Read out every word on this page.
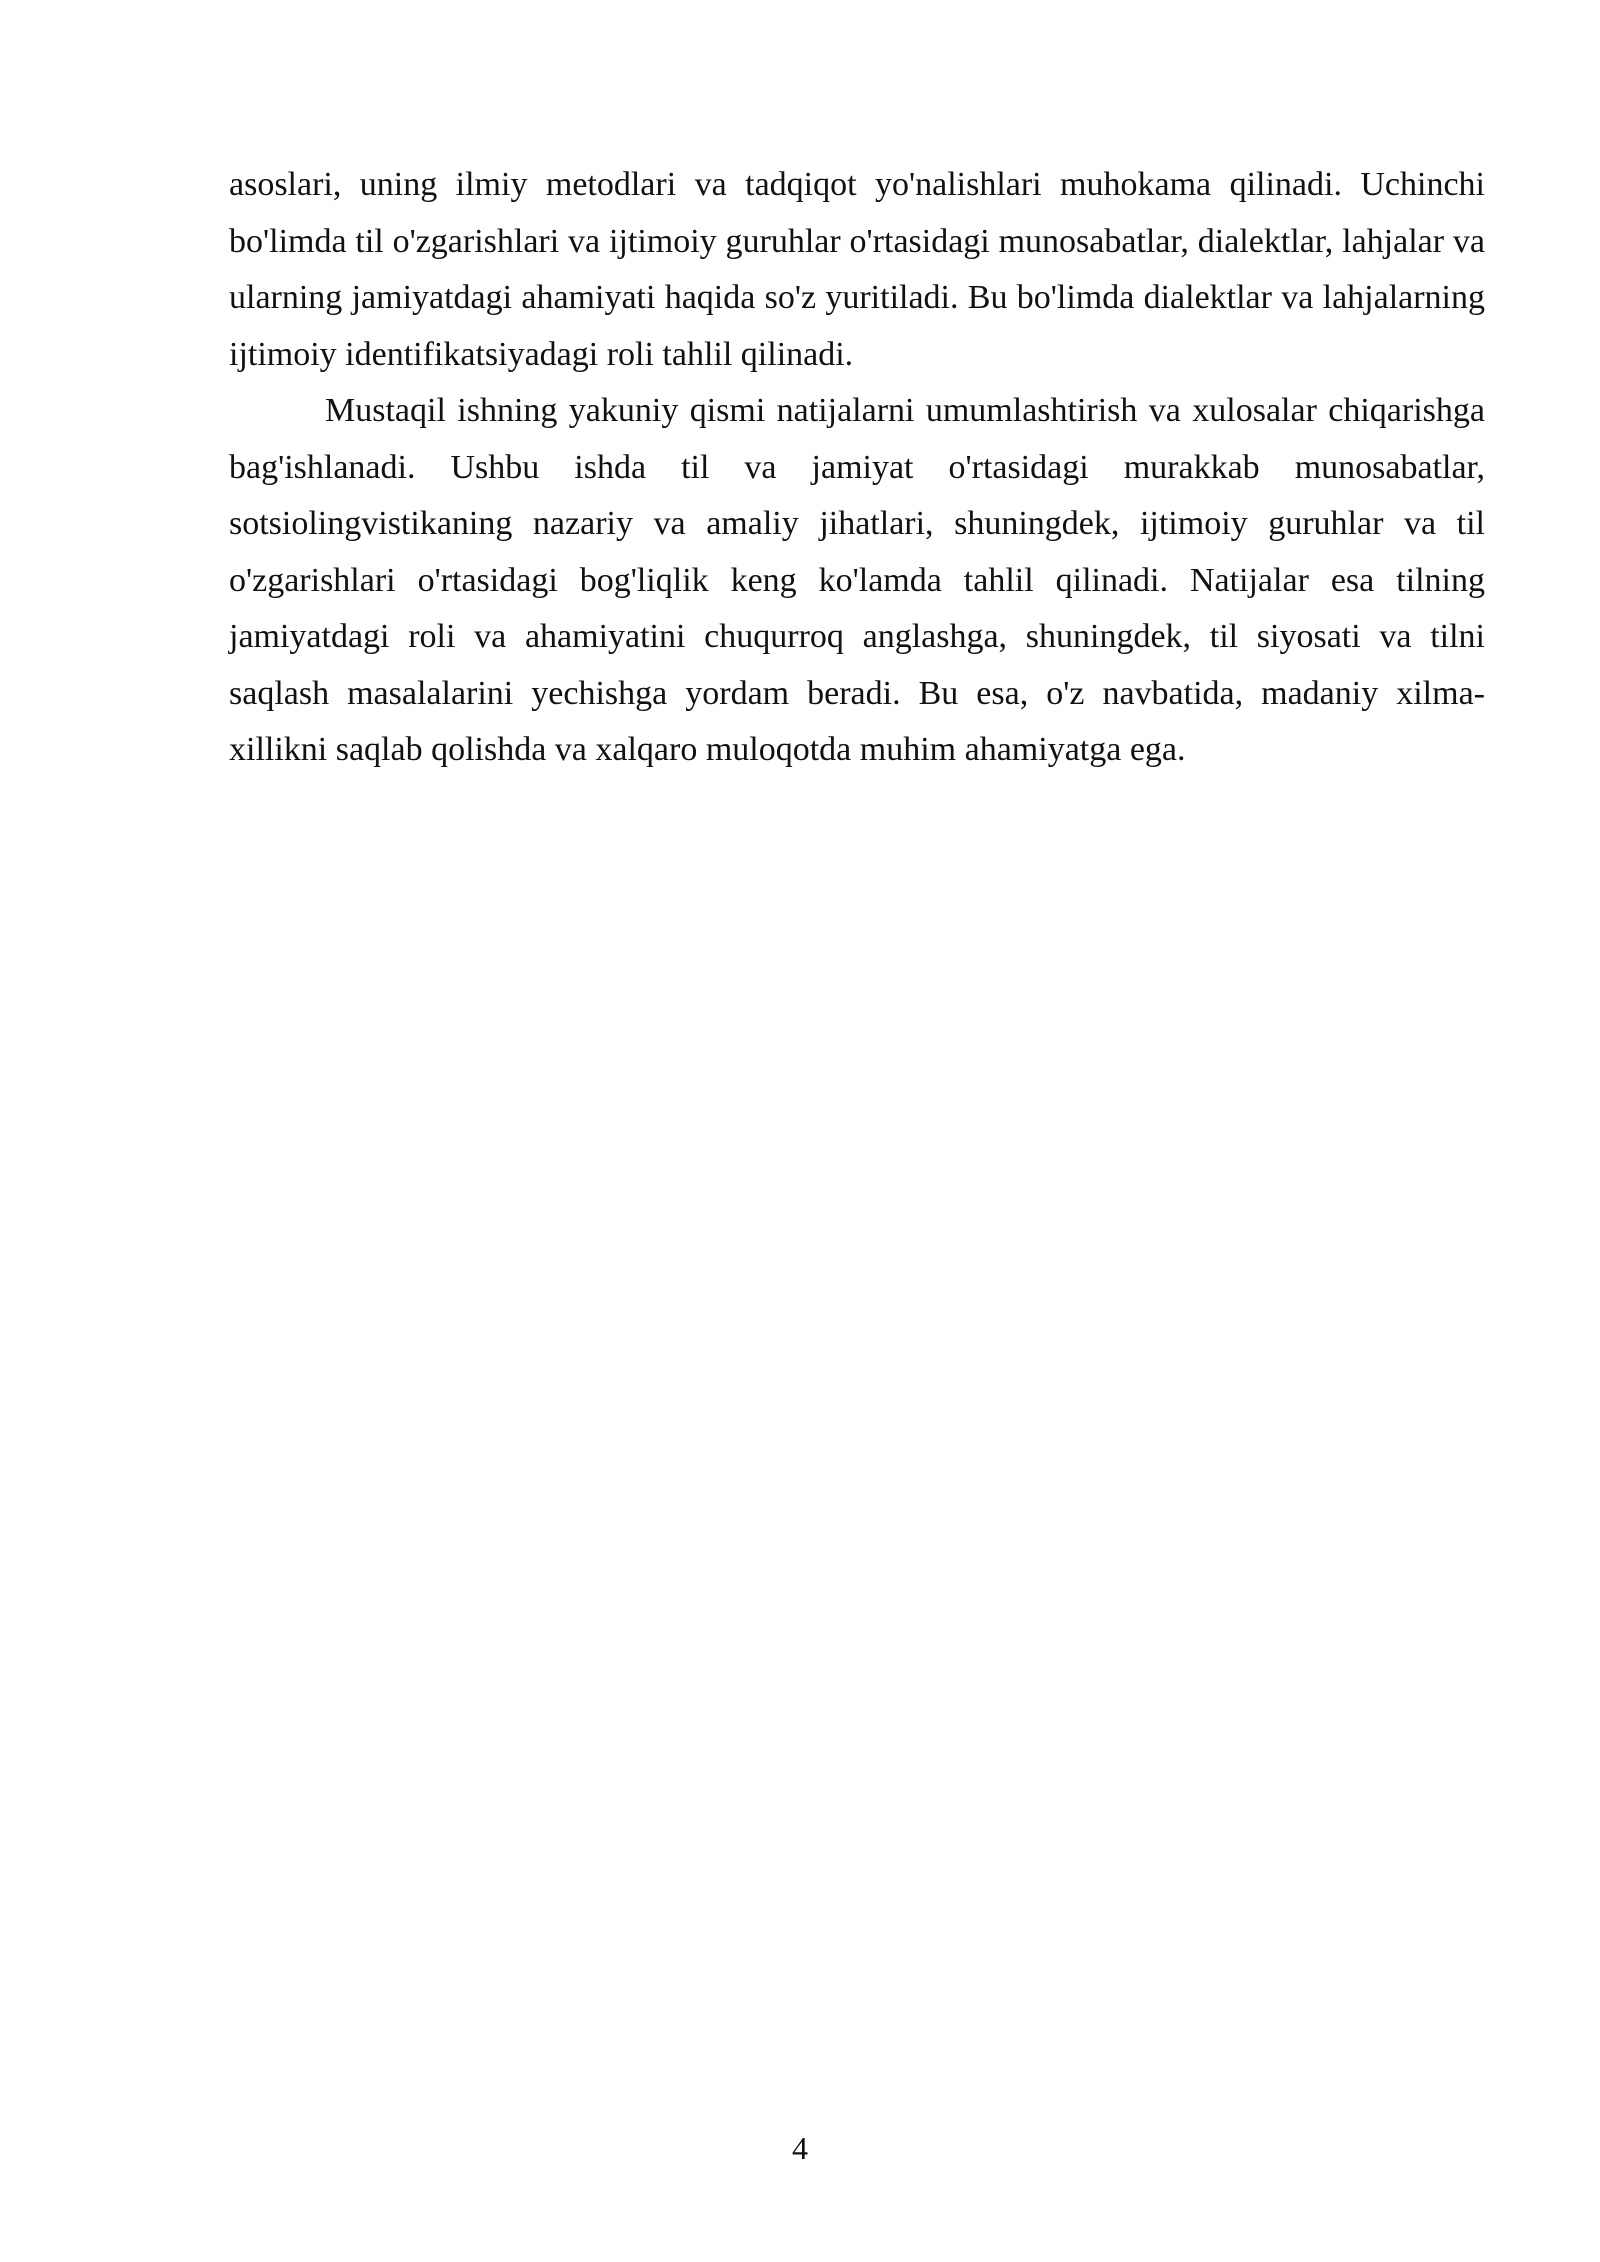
asoslari, uning ilmiy metodlari va tadqiqot yo'nalishlari muhokama qilinadi. Uchinchi bo'limda til o'zgarishlari va ijtimoiy guruhlar o'rtasidagi munosabatlar, dialektlar, lahjalar va ularning jamiyatdagi ahamiyati haqida so'z yuritiladi. Bu bo'limda dialektlar va lahjalarning ijtimoiy identifikatsiyadagi roli tahlil qilinadi.

Mustaqil ishning yakuniy qismi natijalarni umumlashtirish va xulosalar chiqarishga bag'ishlanadi. Ushbu ishda til va jamiyat o'rtasidagi murakkab munosabatlar, sotsiolingvistikaning nazariy va amaliy jihatlari, shuningdek, ijtimoiy guruhlar va til o'zgarishlari o'rtasidagi bog'liqlik keng ko'lamda tahlil qilinadi. Natijalar esa tilning jamiyatdagi roli va ahamiyatini chuqurroq anglashga, shuningdek, til siyosati va tilni saqlash masalalarini yechishga yordam beradi. Bu esa, o'z navbatida, madaniy xilma-xillikni saqlab qolishda va xalqaro muloqotda muhim ahamiyatga ega.

4
